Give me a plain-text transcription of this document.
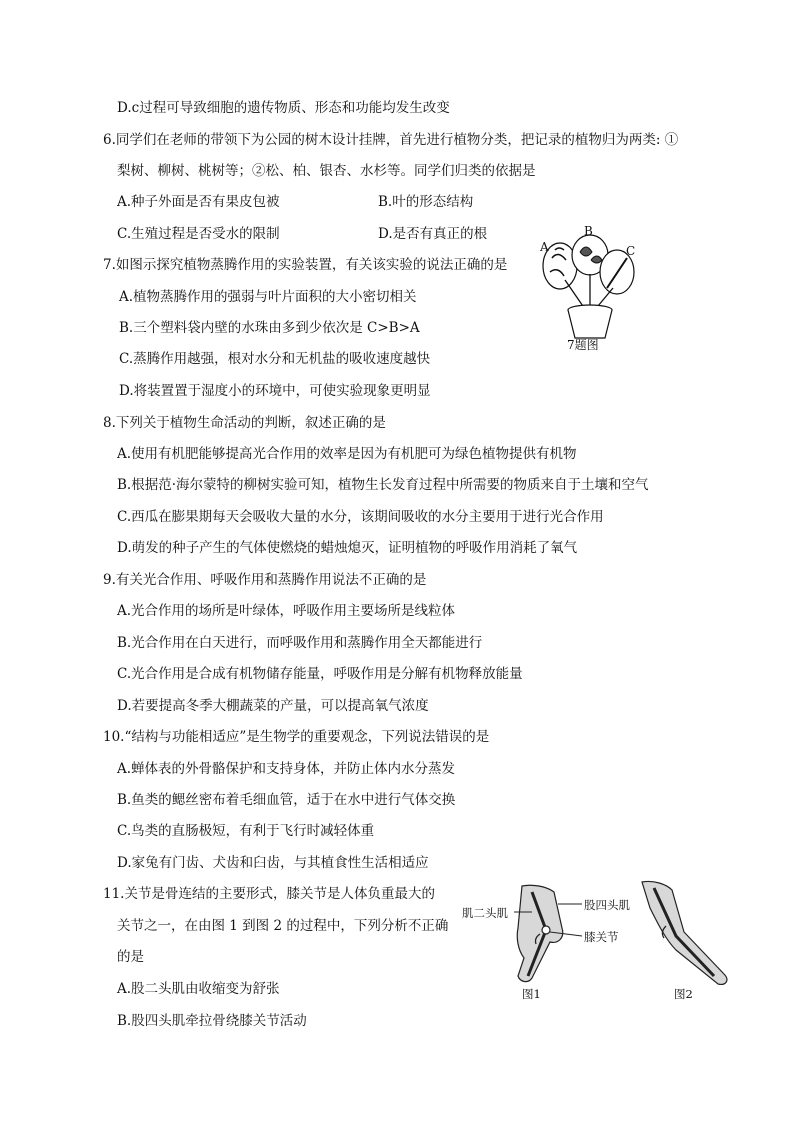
D.c过程可导致细胞的遗传物质、形态和功能均发生改变
6.同学们在老师的带领下为公园的树木设计挂牌，首先进行植物分类，把记录的植物归为两类: ①
梨树、柳树、桃树等；②松、柏、银杏、水杉等。同学们归类的依据是
A.种子外面是否有果皮包被	B.叶的形态结构
C.生殖过程是否受水的限制	D.是否有真正的根
7.如图示探究植物蒸腾作用的实验装置，有关该实验的说法正确的是
A.植物蒸腾作用的强弱与叶片面积的大小密切相关
B.三个塑料袋内壁的水珠由多到少依次是 C>B>A
C.蒸腾作用越强，根对水分和无机盐的吸收速度越快
D.将装置置于湿度小的环境中，可使实验现象更明显
A
B
C
7题图
8.下列关于植物生命活动的判断，叙述正确的是
A.使用有机肥能够提高光合作用的效率是因为有机肥可为绿色植物提供有机物
B.根据范·海尔蒙特的柳树实验可知，植物生长发育过程中所需要的物质来自于土壤和空气
C.西瓜在膨果期每天会吸收大量的水分，该期间吸收的水分主要用于进行光合作用
D.萌发的种子产生的气体使燃烧的蜡烛熄灭，证明植物的呼吸作用消耗了氧气
9.有关光合作用、呼吸作用和蒸腾作用说法不正确的是
A.光合作用的场所是叶绿体，呼吸作用主要场所是线粒体
B.光合作用在白天进行，而呼吸作用和蒸腾作用全天都能进行
C.光合作用是合成有机物储存能量，呼吸作用是分解有机物释放能量
D.若要提高冬季大棚蔬菜的产量，可以提高氧气浓度
10.“结构与功能相适应”是生物学的重要观念，下列说法错误的是
A.蝉体表的外骨骼保护和支持身体，并防止体内水分蒸发
B.鱼类的鳃丝密布着毛细血管，适于在水中进行气体交换
C.鸟类的直肠极短，有利于飞行时减轻体重
D.家兔有门齿、犬齿和臼齿，与其植食性生活相适应
11.关节是骨连结的主要形式，膝关节是人体负重最大的
关节之一，在由图 1 到图 2 的过程中，下列分析不正确
的是
A.股二头肌由收缩变为舒张
B.股四头肌牵拉骨绕膝关节活动
肌二头肌
股四头肌
膝关节
图1	图2
